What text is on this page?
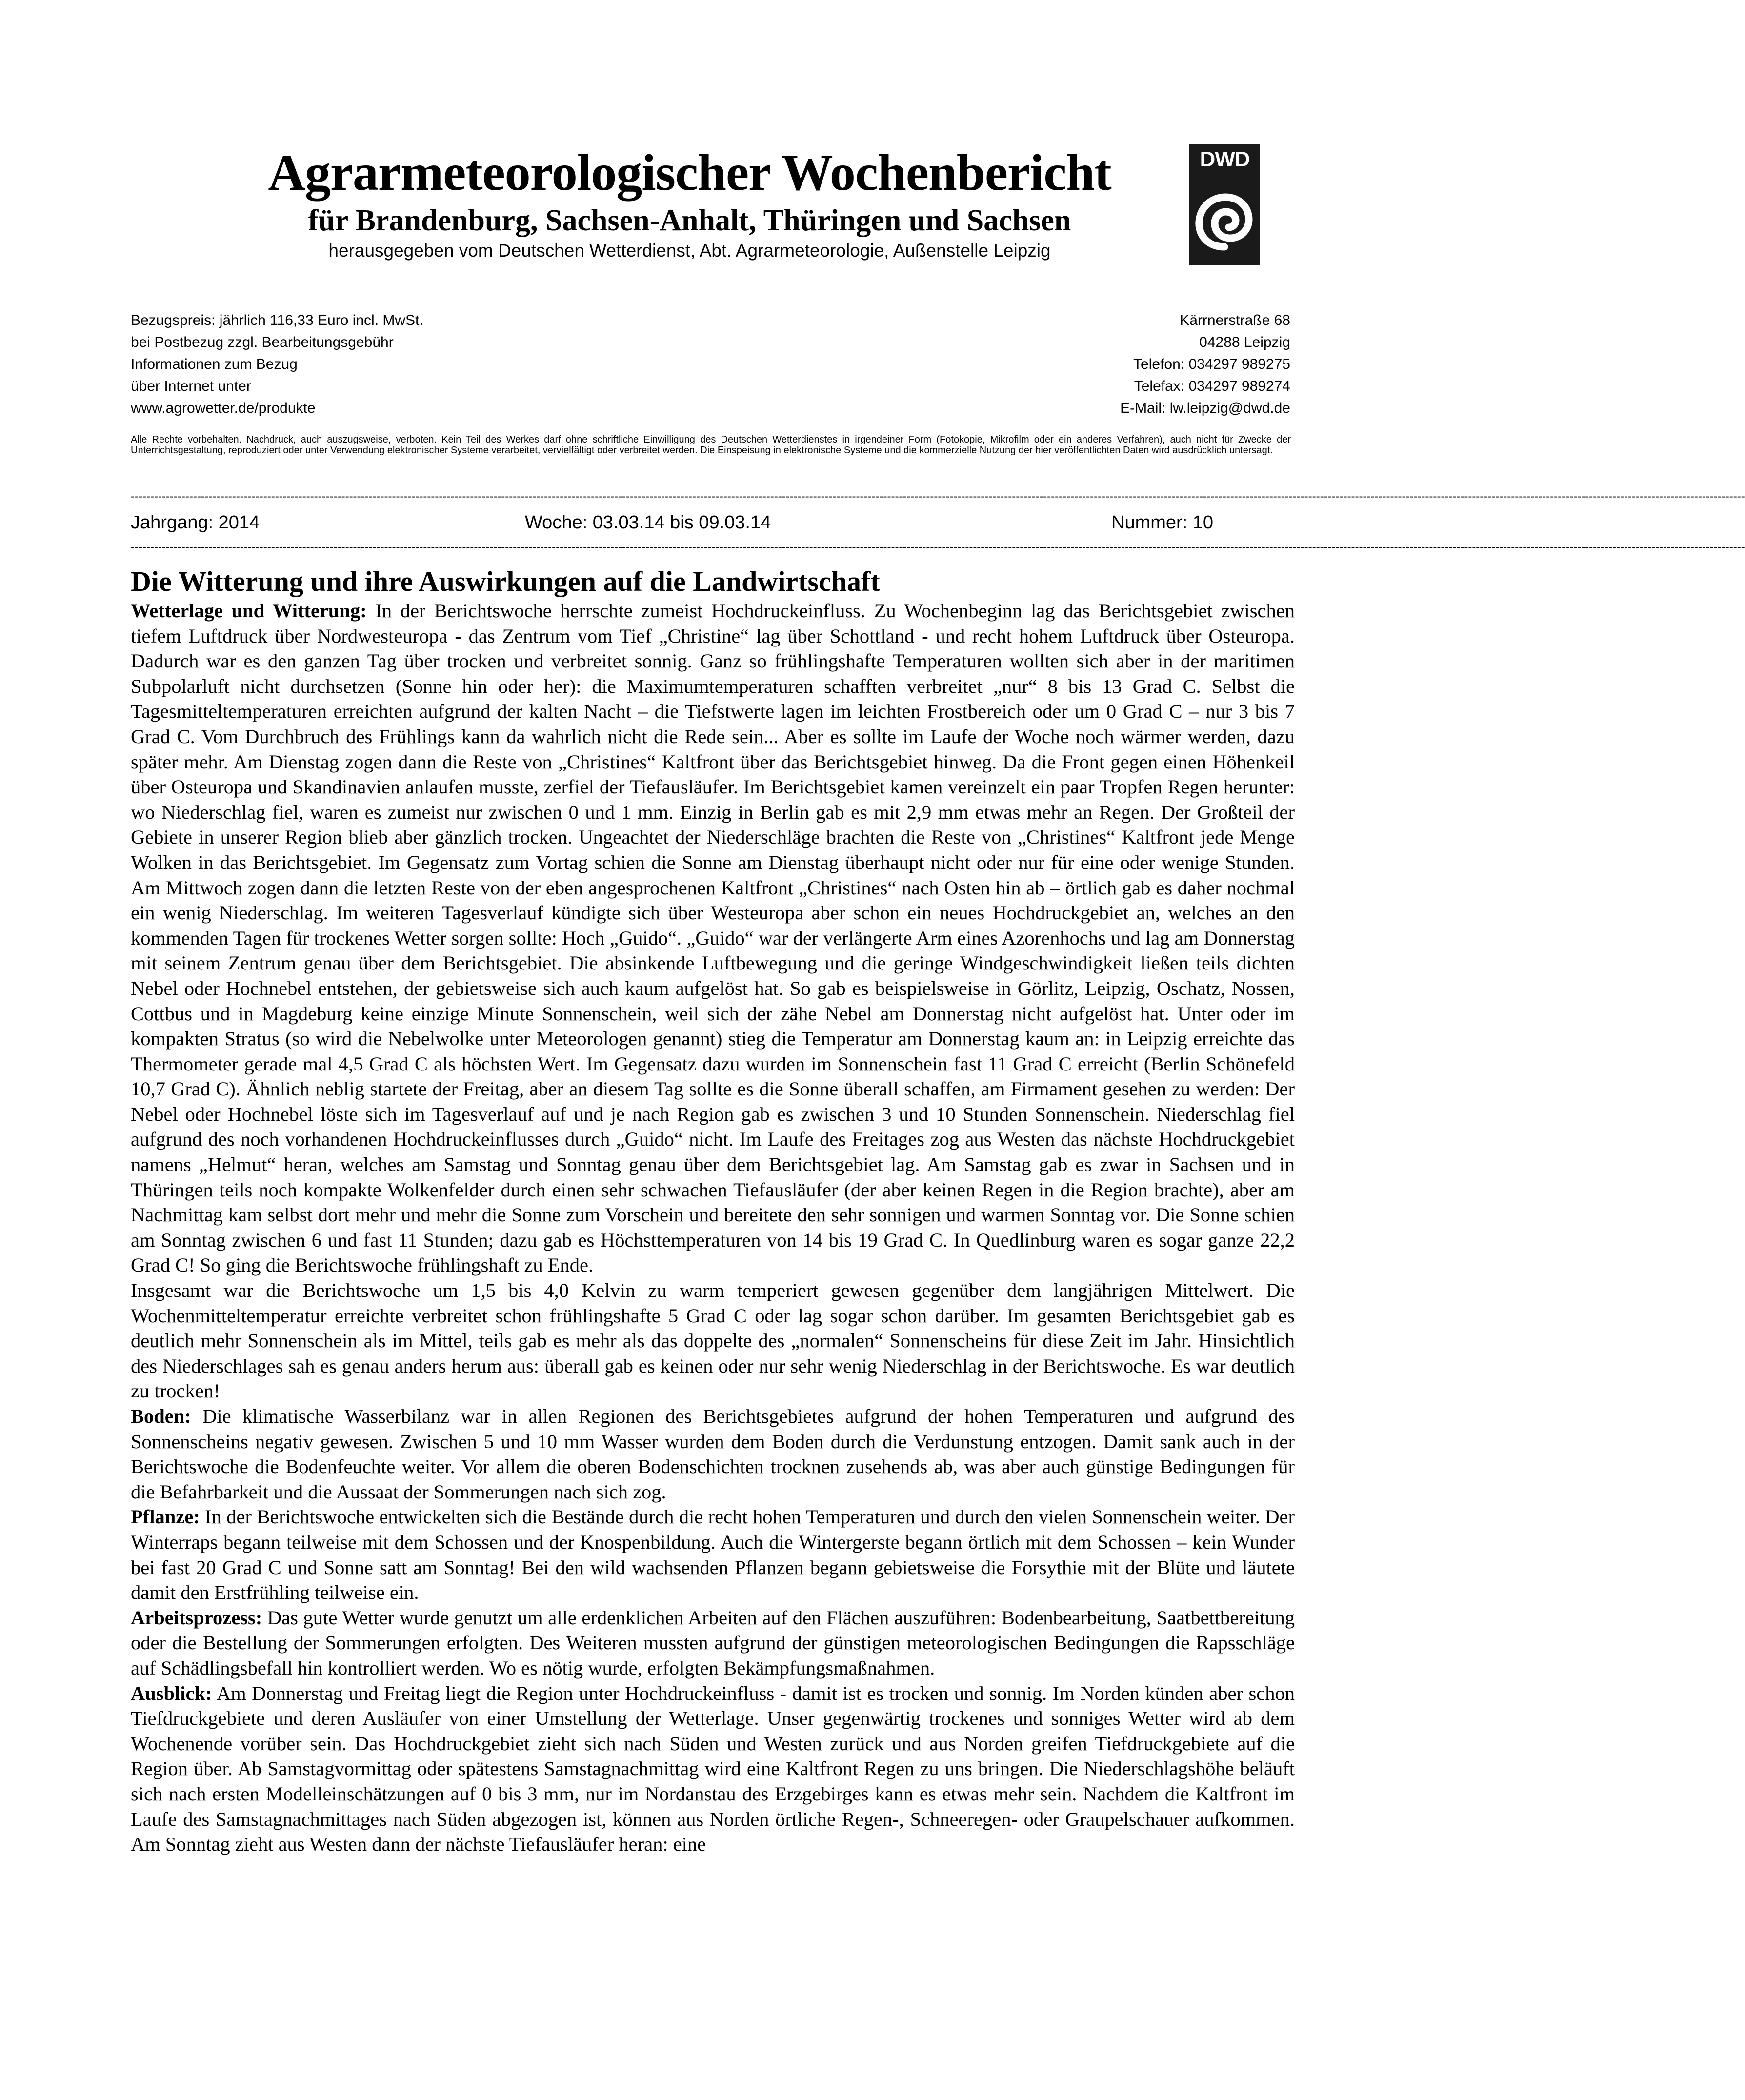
Agrarmeteorologischer Wochenbericht
für Brandenburg, Sachsen-Anhalt, Thüringen und Sachsen
herausgegeben vom Deutschen Wetterdienst, Abt. Agrarmeteorologie, Außenstelle Leipzig
DWD
Bezugspreis: jährlich 116,33 Euro incl. MwSt.
bei Postbezug zzgl. Bearbeitungsgebühr
Informationen zum Bezug
über Internet unter
www.agrowetter.de/produkte
Kärrnerstraße 68
04288 Leipzig
Telefon: 034297 989275
Telefax: 034297 989274
E-Mail: lw.leipzig@dwd.de
Alle Rechte vorbehalten. Nachdruck, auch auszugsweise, verboten. Kein Teil des Werkes darf ohne schriftliche Einwilligung des Deutschen Wetterdienstes in irgendeiner Form (Fotokopie, Mikrofilm oder ein anderes Verfahren), auch nicht für Zwecke der Unterrichtsgestaltung, reproduziert oder unter Verwendung elektronischer Systeme verarbeitet, vervielfältigt oder verbreitet werden. Die Einspeisung in elektronische Systeme und die kommerzielle Nutzung der hier veröffentlichten Daten wird ausdrücklich untersagt.
------------------------------------------------------------------------------------------------------------------------------------------------------------------------------------------------------------------------------------------------------------------------------------------------------------------------------------------------------------------------------------------------------------------------------
Jahrgang: 2014	Woche: 03.03.14 bis 09.03.14	Nummer: 10
------------------------------------------------------------------------------------------------------------------------------------------------------------------------------------------------------------------------------------------------------------------------------------------------------------------------------------------------------------------------------------------------------------------------------
Die Witterung und ihre Auswirkungen auf die Landwirtschaft

Wetterlage und Witterung: In der Berichtswoche herrschte zumeist Hochdruckeinfluss. Zu Wochenbeginn lag das Berichtsgebiet zwischen tiefem Luftdruck über Nordwesteuropa - das Zentrum vom Tief „Christine“ lag über Schottland - und recht hohem Luftdruck über Osteuropa. Dadurch war es den ganzen Tag über trocken und verbreitet sonnig. Ganz so frühlingshafte Temperaturen wollten sich aber in der maritimen Subpolarluft nicht durchsetzen (Sonne hin oder her): die Maximumtemperaturen schafften verbreitet „nur“ 8 bis 13 Grad C. Selbst die Tagesmitteltemperaturen erreichten aufgrund der kalten Nacht – die Tiefstwerte lagen im leichten Frostbereich oder um 0 Grad C – nur 3 bis 7 Grad C. Vom Durchbruch des Frühlings kann da wahrlich nicht die Rede sein... Aber es sollte im Laufe der Woche noch wärmer werden, dazu später mehr. Am Dienstag zogen dann die Reste von „Christines“ Kaltfront über das Berichtsgebiet hinweg. Da die Front gegen einen Höhenkeil über Osteuropa und Skandinavien anlaufen musste, zerfiel der Tiefausläufer. Im Berichtsgebiet kamen vereinzelt ein paar Tropfen Regen herunter: wo Niederschlag fiel, waren es zumeist nur zwischen 0 und 1 mm. Einzig in Berlin gab es mit 2,9 mm etwas mehr an Regen. Der Großteil der Gebiete in unserer Region blieb aber gänzlich trocken. Ungeachtet der Niederschläge brachten die Reste von „Christines“ Kaltfront jede Menge Wolken in das Berichtsgebiet. Im Gegensatz zum Vortag schien die Sonne am Dienstag überhaupt nicht oder nur für eine oder wenige Stunden. Am Mittwoch zogen dann die letzten Reste von der eben angesprochenen Kaltfront „Christines“ nach Osten hin ab – örtlich gab es daher nochmal ein wenig Niederschlag. Im weiteren Tagesverlauf kündigte sich über Westeuropa aber schon ein neues Hochdruckgebiet an, welches an den kommenden Tagen für trockenes Wetter sorgen sollte: Hoch „Guido“. „Guido“ war der verlängerte Arm eines Azorenhochs und lag am Donnerstag mit seinem Zentrum genau über dem Berichtsgebiet. Die absinkende Luftbewegung und die geringe Windgeschwindigkeit ließen teils dichten Nebel oder Hochnebel entstehen, der gebietsweise sich auch kaum aufgelöst hat. So gab es beispielsweise in Görlitz, Leipzig, Oschatz, Nossen, Cottbus und in Magdeburg keine einzige Minute Sonnenschein, weil sich der zähe Nebel am Donnerstag nicht aufgelöst hat. Unter oder im kompakten Stratus (so wird die Nebelwolke unter Meteorologen genannt) stieg die Temperatur am Donnerstag kaum an: in Leipzig erreichte das Thermometer gerade mal 4,5 Grad C als höchsten Wert. Im Gegensatz dazu wurden im Sonnenschein fast 11 Grad C erreicht (Berlin Schönefeld 10,7 Grad C). Ähnlich neblig startete der Freitag, aber an diesem Tag sollte es die Sonne überall schaffen, am Firmament gesehen zu werden: Der Nebel oder Hochnebel löste sich im Tagesverlauf auf und je nach Region gab es zwischen 3 und 10 Stunden Sonnenschein. Niederschlag fiel aufgrund des noch vorhandenen Hochdruckeinflusses durch „Guido“ nicht. Im Laufe des Freitages zog aus Westen das nächste Hochdruckgebiet namens „Helmut“ heran, welches am Samstag und Sonntag genau über dem Berichtsgebiet lag. Am Samstag gab es zwar in Sachsen und in Thüringen teils noch kompakte Wolkenfelder durch einen sehr schwachen Tiefausläufer (der aber keinen Regen in die Region brachte), aber am Nachmittag kam selbst dort mehr und mehr die Sonne zum Vorschein und bereitete den sehr sonnigen und warmen Sonntag vor. Die Sonne schien am Sonntag zwischen 6 und fast 11 Stunden; dazu gab es Höchsttemperaturen von 14 bis 19 Grad C. In Quedlinburg waren es sogar ganze 22,2 Grad C! So ging die Berichtswoche frühlingshaft zu Ende.

Insgesamt war die Berichtswoche um 1,5 bis 4,0 Kelvin zu warm temperiert gewesen gegenüber dem langjährigen Mittelwert. Die Wochenmitteltemperatur erreichte verbreitet schon frühlingshafte 5 Grad C oder lag sogar schon darüber. Im gesamten Berichtsgebiet gab es deutlich mehr Sonnenschein als im Mittel, teils gab es mehr als das doppelte des „normalen“ Sonnenscheins für diese Zeit im Jahr. Hinsichtlich des Niederschlages sah es genau anders herum aus: überall gab es keinen oder nur sehr wenig Niederschlag in der Berichtswoche. Es war deutlich zu trocken!

Boden: Die klimatische Wasserbilanz war in allen Regionen des Berichtsgebietes aufgrund der hohen Temperaturen und aufgrund des Sonnenscheins negativ gewesen. Zwischen 5 und 10 mm Wasser wurden dem Boden durch die Verdunstung entzogen. Damit sank auch in der Berichtswoche die Bodenfeuchte weiter. Vor allem die oberen Bodenschichten trocknen zusehends ab, was aber auch günstige Bedingungen für die Befahrbarkeit und die Aussaat der Sommerungen nach sich zog.

Pflanze: In der Berichtswoche entwickelten sich die Bestände durch die recht hohen Temperaturen und durch den vielen Sonnenschein weiter. Der Winterraps begann teilweise mit dem Schossen und der Knospenbildung. Auch die Wintergerste begann örtlich mit dem Schossen – kein Wunder bei fast 20 Grad C und Sonne satt am Sonntag! Bei den wild wachsenden Pflanzen begann gebietsweise die Forsythie mit der Blüte und läutete damit den Erstfrühling teilweise ein.

Arbeitsprozess: Das gute Wetter wurde genutzt um alle erdenklichen Arbeiten auf den Flächen auszuführen: Bodenbearbeitung, Saatbettbereitung oder die Bestellung der Sommerungen erfolgten. Des Weiteren mussten aufgrund der günstigen meteorologischen Bedingungen die Rapsschläge auf Schädlingsbefall hin kontrolliert werden. Wo es nötig wurde, erfolgten Bekämpfungsmaßnahmen.

Ausblick: Am Donnerstag und Freitag liegt die Region unter Hochdruckeinfluss - damit ist es trocken und sonnig. Im Norden künden aber schon Tiefdruckgebiete und deren Ausläufer von einer Umstellung der Wetterlage. Unser gegenwärtig trockenes und sonniges Wetter wird ab dem Wochenende vorüber sein. Das Hochdruckgebiet zieht sich nach Süden und Westen zurück und aus Norden greifen Tiefdruckgebiete auf die Region über. Ab Samstagvormittag oder spätestens Samstagnachmittag wird eine Kaltfront Regen zu uns bringen. Die Niederschlagshöhe beläuft sich nach ersten Modelleinschätzungen auf 0 bis 3 mm, nur im Nordanstau des Erzgebirges kann es etwas mehr sein. Nachdem die Kaltfront im Laufe des Samstagnachmittages nach Süden abgezogen ist, können aus Norden örtliche Regen-, Schneeregen- oder Graupelschauer aufkommen. Am Sonntag zieht aus Westen dann der nächste Tiefausläufer heran: eine
